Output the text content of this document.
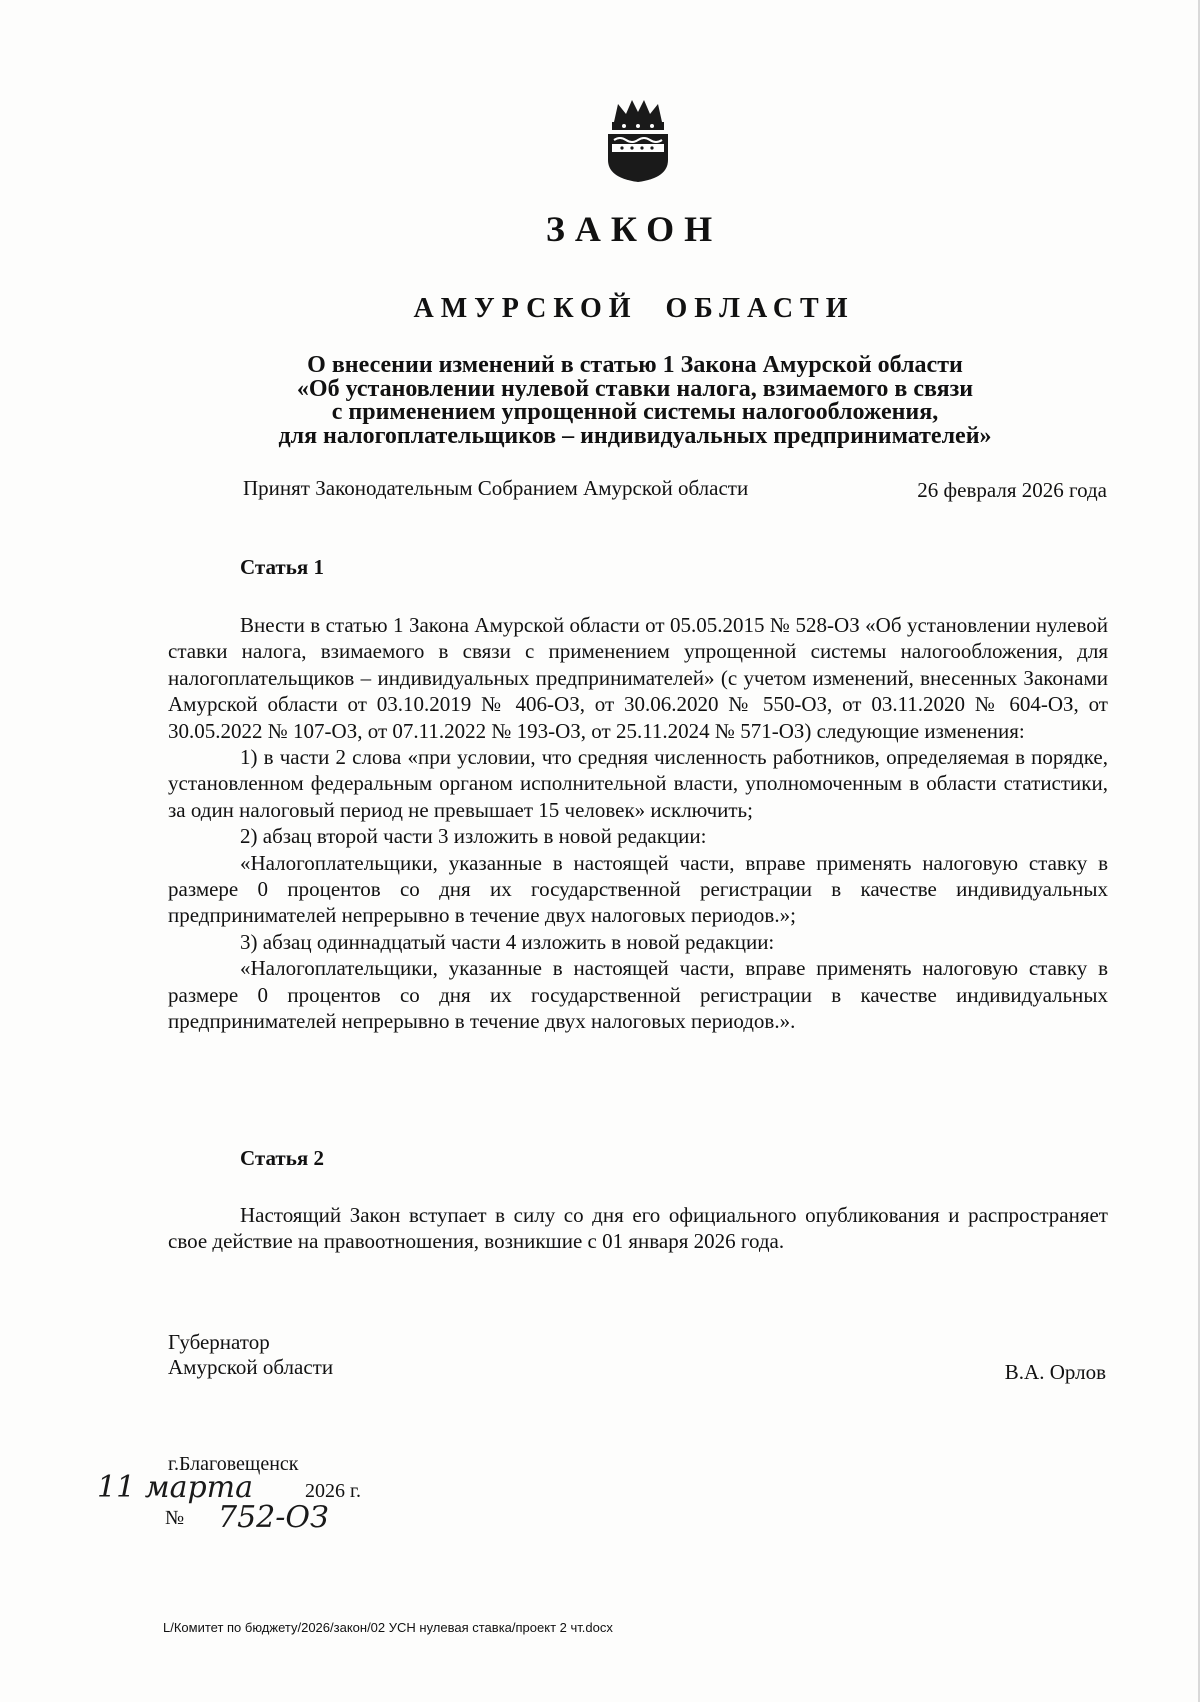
ЗАКОН
АМУРСКОЙ ОБЛАСТИ
О внесении изменений в статью 1 Закона Амурской области
«Об установлении нулевой ставки налога, взимаемого в связи
с применением упрощенной системы налогообложения,
для налогоплательщиков – индивидуальных предпринимателей»
Принят Законодательным Собранием Амурской области	26 февраля 2026 года
Статья 1

Внести в статью 1 Закона Амурской области от 05.05.2015 № 528-ОЗ «Об установлении нулевой ставки налога, взимаемого в связи с применением упрощенной системы налогообложения, для налогоплательщиков – индивидуальных предпринимателей» (с учетом изменений, внесенных Законами Амурской области от 03.10.2019 № 406-ОЗ, от 30.06.2020 № 550-ОЗ, от 03.11.2020 № 604-ОЗ, от 30.05.2022 № 107-ОЗ, от 07.11.2022 № 193-ОЗ, от 25.11.2024 № 571-ОЗ) следующие изменения:

1) в части 2 слова «при условии, что средняя численность работников, определяемая в порядке, установленном федеральным органом исполнительной власти, уполномоченным в области статистики, за один налоговый период не превышает 15 человек» исключить;

2) абзац второй части 3 изложить в новой редакции:

«Налогоплательщики, указанные в настоящей части, вправе применять налоговую ставку в размере 0 процентов со дня их государственной регистрации в качестве индивидуальных предпринимателей непрерывно в течение двух налоговых периодов.»;

3) абзац одиннадцатый части 4 изложить в новой редакции:

«Налогоплательщики, указанные в настоящей части, вправе применять налоговую ставку в размере 0 процентов со дня их государственной регистрации в качестве индивидуальных предпринимателей непрерывно в течение двух налоговых периодов.».

Статья 2

Настоящий Закон вступает в силу со дня его официального опубликования и распространяет свое действие на правоотношения, возникшие с 01 января 2026 года.

Губернатор
Амурской области	В.А. Орлов
г.Благовещенск
11 марта	2026 г.
№ 752-ОЗ
L/Комитет по бюджету/2026/закон/02 УСН нулевая ставка/проект 2 чт.docx
